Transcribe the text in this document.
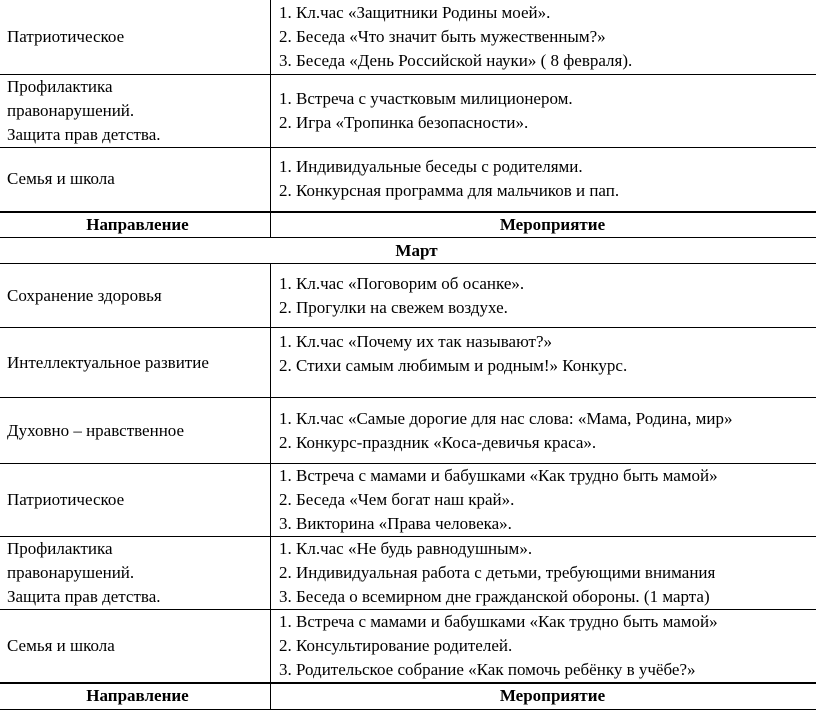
Патриотическое	1. Кл.час «Защитники Родины моей».
2. Беседа «Что значит быть мужественным?»
3. Беседа «День Российской науки» ( 8 февраля).

Профилактика
правонарушений.
Защита прав детства.	1. Встреча с участковым милиционером.
2. Игра «Тропинка безопасности».

Семья и школа	1. Индивидуальные беседы с родителями.
2. Конкурсная программа для мальчиков и пап.

Направление	Мероприятие
Март	

Сохранение здоровья	1. Кл.час «Поговорим об осанке».
2. Прогулки на свежем воздухе.

Интеллектуальное развитие	1. Кл.час «Почему их так называют?»
2. Стихи самым любимым и родным!» Конкурс.

Духовно – нравственное	1. Кл.час «Самые дорогие для нас слова: «Мама, Родина, мир»
2. Конкурс-праздник «Коса-девичья краса».

Патриотическое	1. Встреча с мамами и бабушками «Как трудно быть мамой»
2. Беседа «Чем богат наш край».
3. Викторина «Права человека».

Профилактика
правонарушений.
Защита прав детства.	1. Кл.час «Не будь равнодушным».
2. Индивидуальная работа с детьми, требующими внимания
3. Беседа о всемирном дне гражданской обороны. (1 марта)

Семья и школа	1. Встреча с мамами и бабушками «Как трудно быть мамой»
2. Консультирование родителей.
3. Родительское собрание «Как помочь ребёнку в учёбе?»

Направление	Мероприятие
